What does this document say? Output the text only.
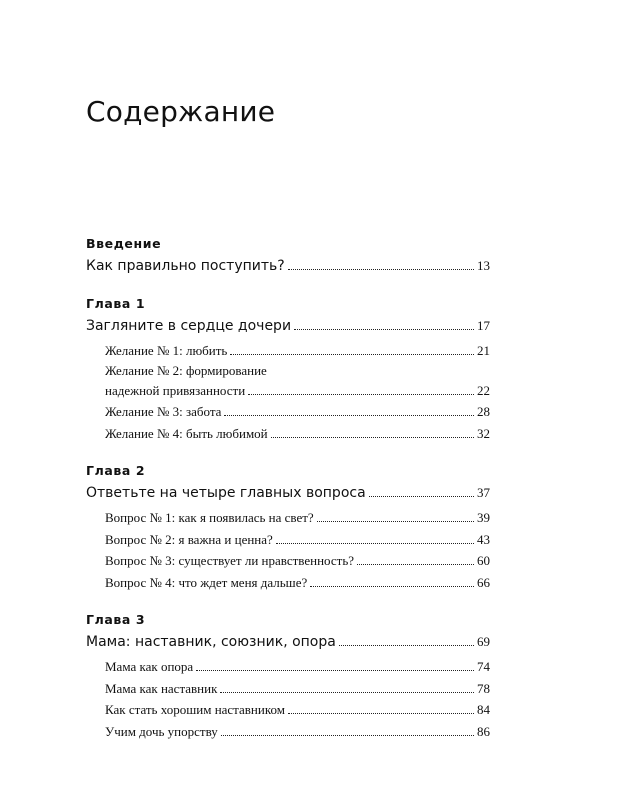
Содержание
Введение
Как правильно поступить?	13
Глава 1
Загляните в сердце дочери	17
Желание № 1: любить	21
Желание № 2: формирование
надежной привязанности	22
Желание № 3: забота	28
Желание № 4: быть любимой	32
Глава 2
Ответьте на четыре главных вопроса	37
Вопрос № 1: как я появилась на свет?	39
Вопрос № 2: я важна и ценна?	43
Вопрос № 3: существует ли нравственность?	60
Вопрос № 4: что ждет меня дальше?	66
Глава 3
Мама: наставник, союзник, опора	69
Мама как опора	74
Мама как наставник	78
Как стать хорошим наставником	84
Учим дочь упорству	86
